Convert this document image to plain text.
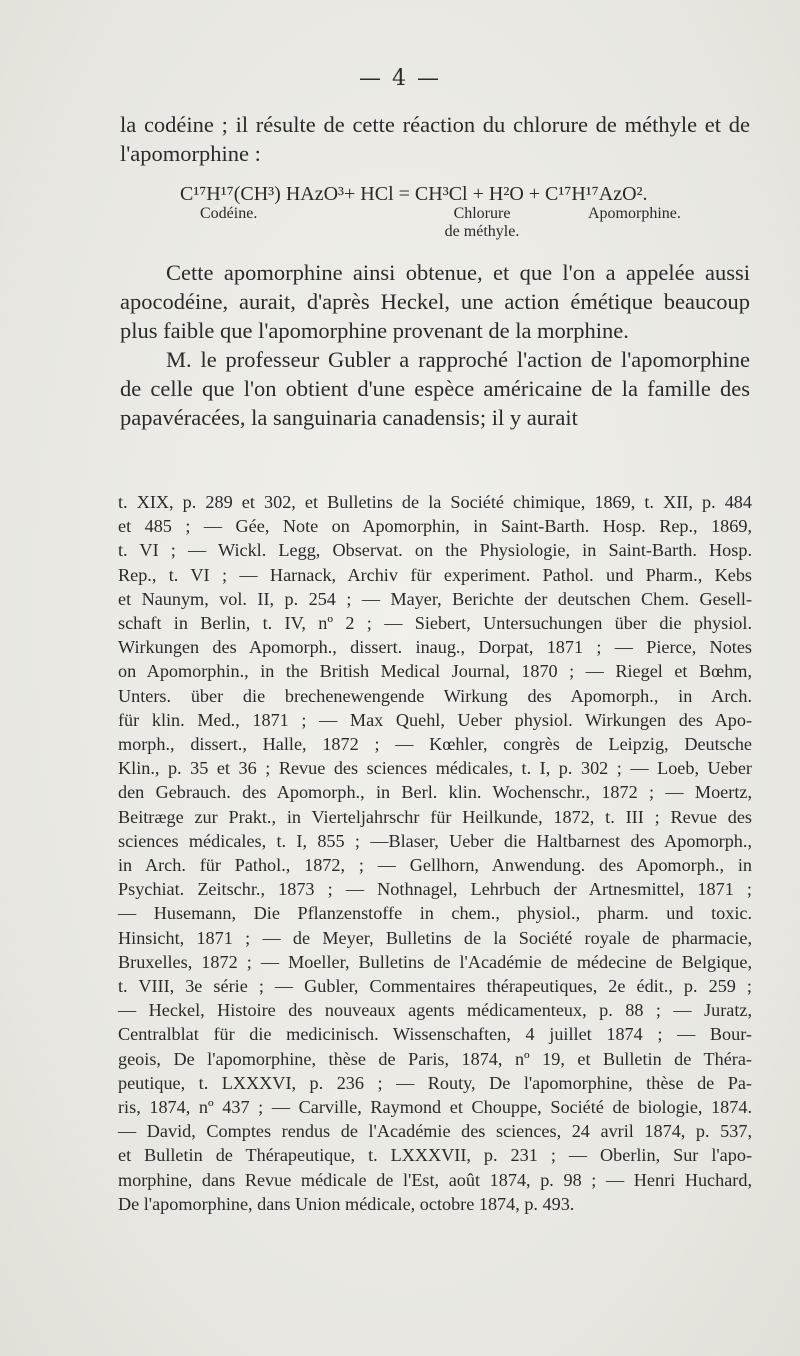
— 4 —
la codéine ; il résulte de cette réaction du chlorure de méthyle et de l'apomorphine :
C¹⁷H¹⁷(CH³) HAzO³+ HCl = CH³Cl + H²O + C¹⁷H¹⁷AzO².
Codéine.	Chlorure
de méthyle.
Apomorphine.
Cette apomorphine ainsi obtenue, et que l'on a appelée aussi apocodéine, aurait, d'après Heckel, une action émétique beaucoup plus faible que l'apomorphine provenant de la morphine.
M. le professeur Gubler a rapproché l'action de l'apomorphine de celle que l'on obtient d'une espèce américaine de la famille des papavéracées, la sanguinaria canadensis; il y aurait
t. XIX, p. 289 et 302, et Bulletins de la Société chimique, 1869, t. XII, p. 484
et 485 ; — Gée, Note on Apomorphin, in Saint-Barth. Hosp. Rep., 1869,
t. VI ; — Wickl. Legg, Observat. on the Physiologie, in Saint-Barth. Hosp.
Rep., t. VI ; — Harnack, Archiv für experiment. Pathol. und Pharm., Kebs
et Naunym, vol. II, p. 254 ; — Mayer, Berichte der deutschen Chem. Gesell-
schaft in Berlin, t. IV, nº 2 ; — Siebert, Untersuchungen über die physiol.
Wirkungen des Apomorph., dissert. inaug., Dorpat, 1871 ; — Pierce, Notes
on Apomorphin., in the British Medical Journal, 1870 ; — Riegel et Bœhm,
Unters. über die brechenewengende Wirkung des Apomorph., in Arch.
für klin. Med., 1871 ; — Max Quehl, Ueber physiol. Wirkungen des Apo-
morph., dissert., Halle, 1872 ; — Kœhler, congrès de Leipzig, Deutsche
Klin., p. 35 et 36 ; Revue des sciences médicales, t. I, p. 302 ; — Loeb, Ueber
den Gebrauch. des Apomorph., in Berl. klin. Wochenschr., 1872 ; — Moertz,
Beitræge zur Prakt., in Vierteljahrschr für Heilkunde, 1872, t. III ; Revue des
sciences médicales, t. I, 855 ; —Blaser, Ueber die Haltbarnest des Apomorph.,
in Arch. für Pathol., 1872, ; — Gellhorn, Anwendung. des Apomorph., in
Psychiat. Zeitschr., 1873 ; — Nothnagel, Lehrbuch der Artnesmittel, 1871 ;
— Husemann, Die Pflanzenstoffe in chem., physiol., pharm. und toxic.
Hinsicht, 1871 ; — de Meyer, Bulletins de la Société royale de pharmacie,
Bruxelles, 1872 ; — Moeller, Bulletins de l'Académie de médecine de Belgique,
t. VIII, 3e série ; — Gubler, Commentaires thérapeutiques, 2e édit., p. 259 ;
— Heckel, Histoire des nouveaux agents médicamenteux, p. 88 ; — Juratz,
Centralblat für die medicinisch. Wissenschaften, 4 juillet 1874 ; — Bour-
geois, De l'apomorphine, thèse de Paris, 1874, nº 19, et Bulletin de Théra-
peutique, t. LXXXVI, p. 236 ; — Routy, De l'apomorphine, thèse de Pa-
ris, 1874, nº 437 ; — Carville, Raymond et Chouppe, Société de biologie, 1874.
— David, Comptes rendus de l'Académie des sciences, 24 avril 1874, p. 537,
et Bulletin de Thérapeutique, t. LXXXVII, p. 231 ; — Oberlin, Sur l'apo-
morphine, dans Revue médicale de l'Est, août 1874, p. 98 ; — Henri Huchard,
De l'apomorphine, dans Union médicale, octobre 1874, p. 493.
